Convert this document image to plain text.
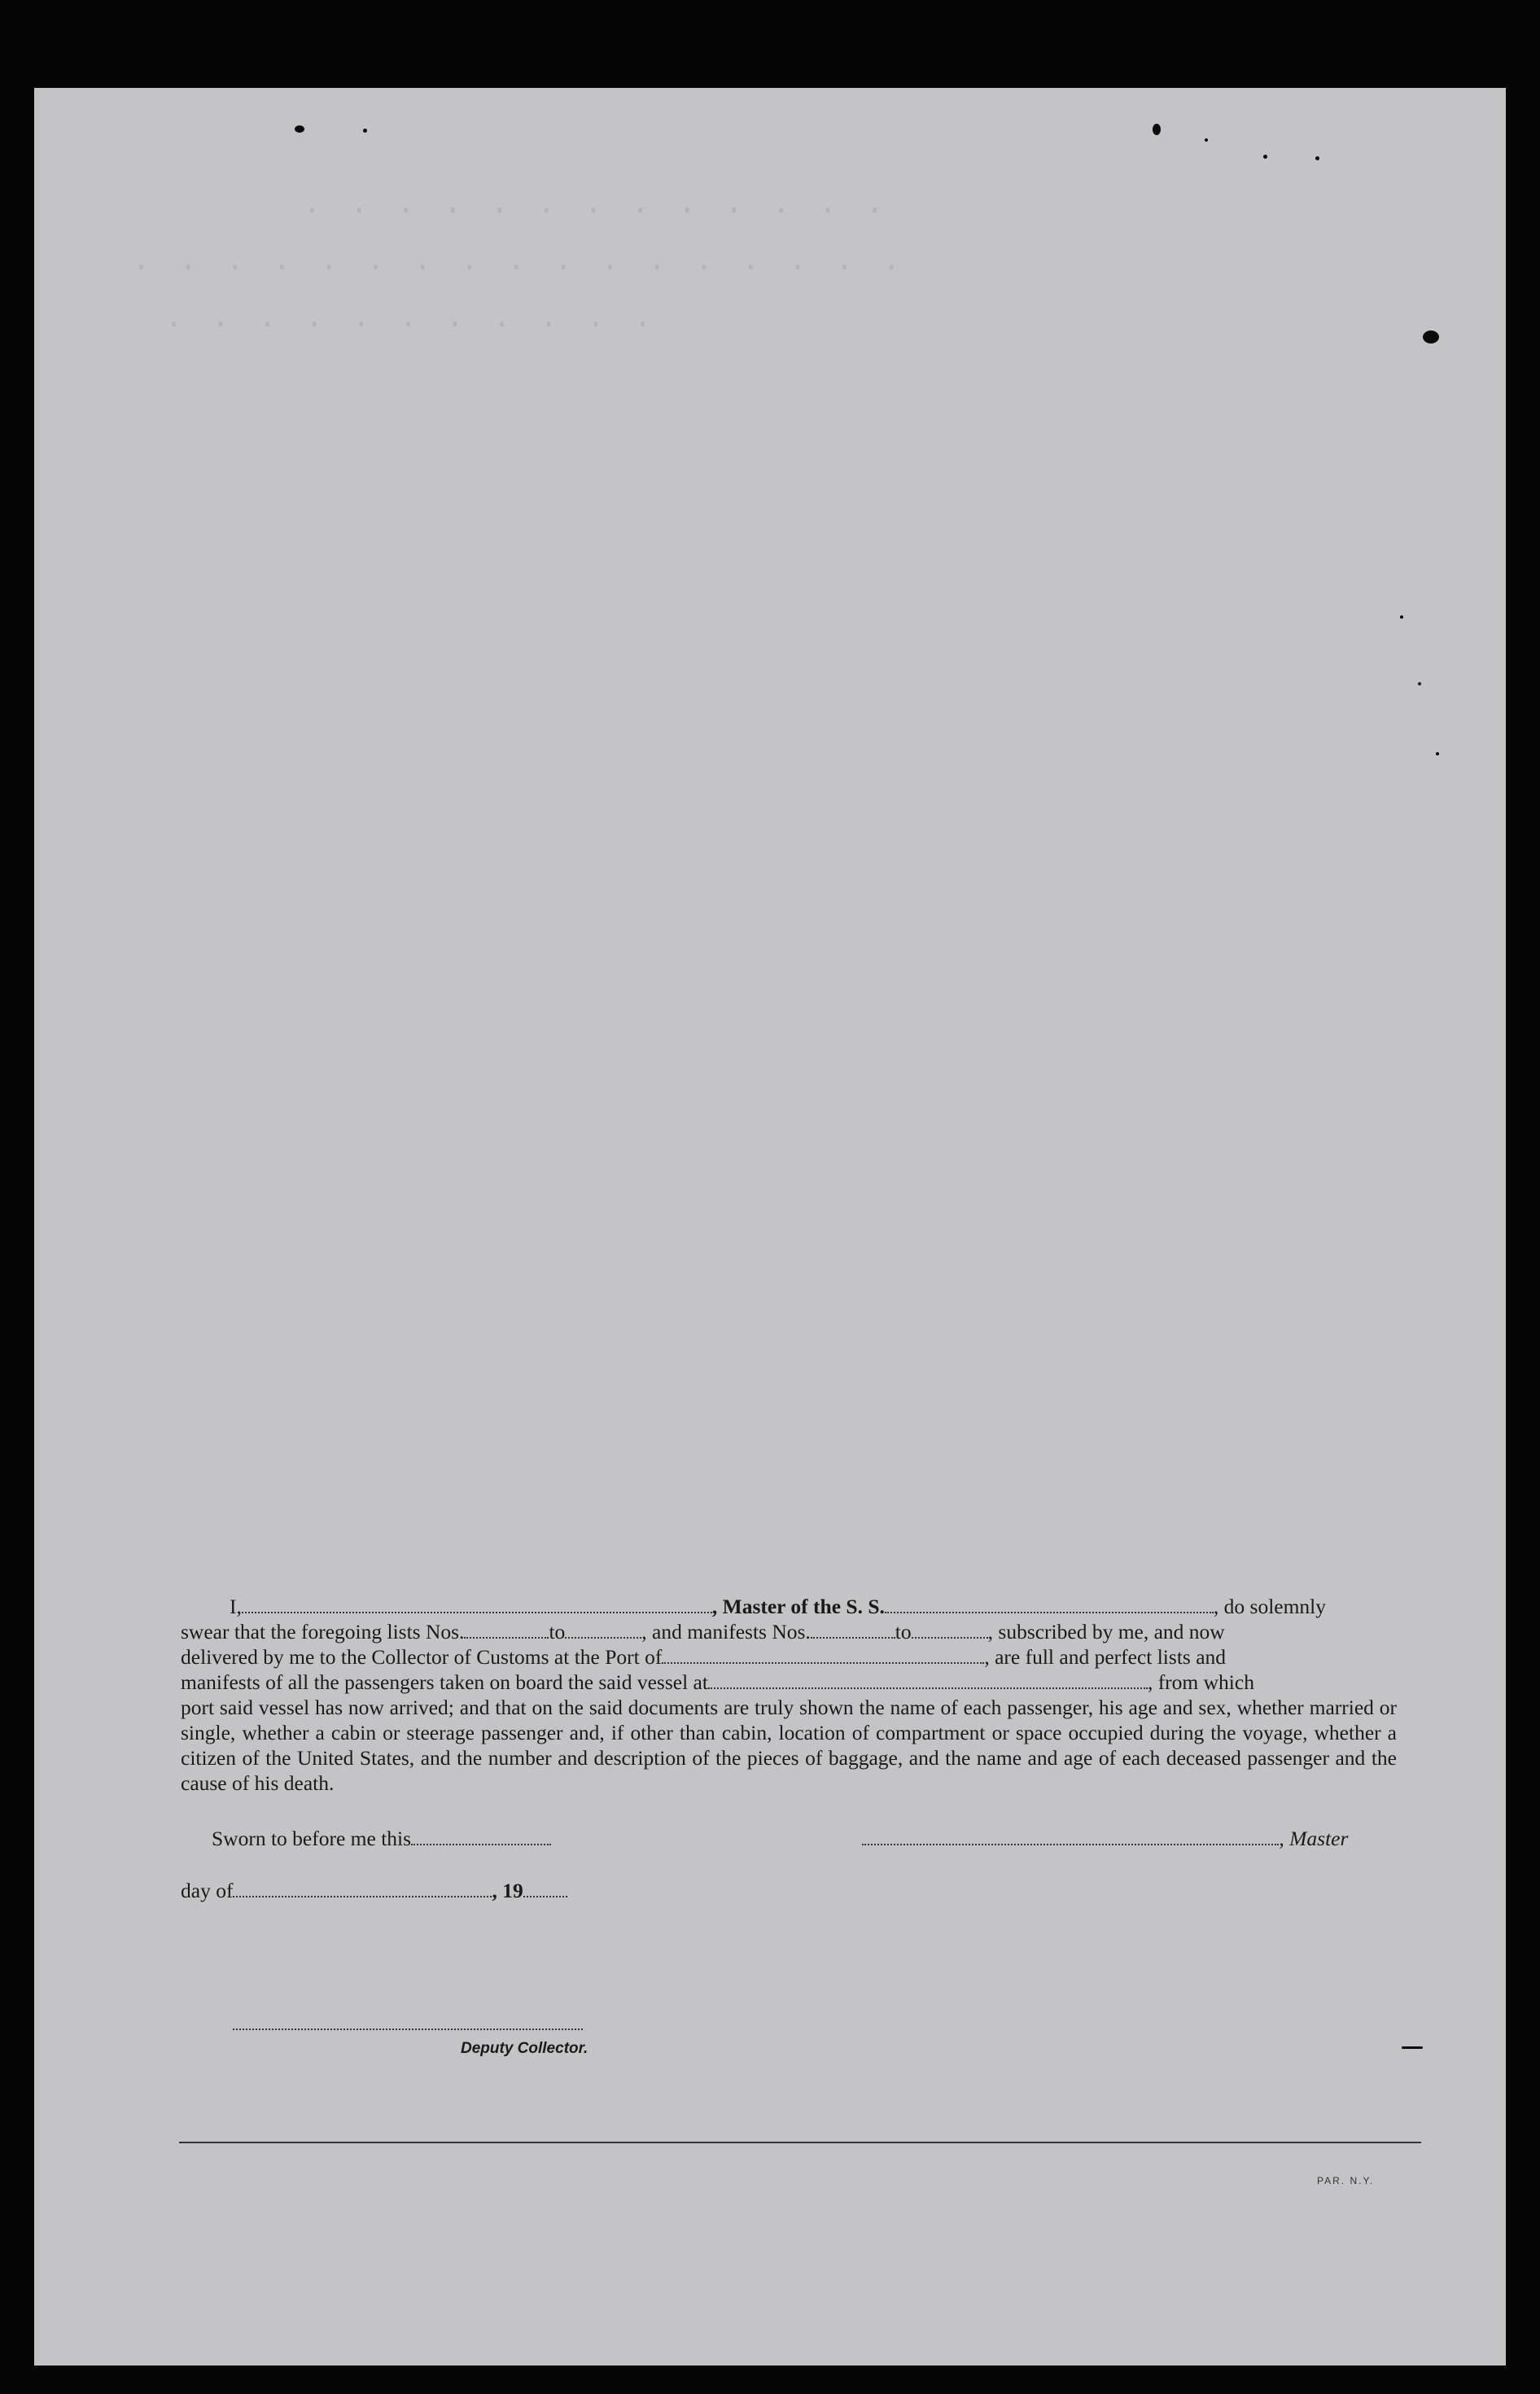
· · · · · · · · · · · · ·
· · · · · · · · · · · · · · · · ·
· · · · · · · · · · ·

I,	, Master of the S. S.	, do solemnly

swear that the foregoing lists Nos.	to	, and manifests Nos.	to	, subscribed by me, and now

delivered by me to the Collector of Customs at the Port of	, are full and perfect lists and

manifests of all the passengers taken on board the said vessel at	, from which

port said vessel has now arrived; and that on the said documents are truly shown the name of each passenger, his age and sex, whether married or single, whether a cabin or steerage passenger and, if other than cabin, location of compartment or space occupied during the voyage, whether a citizen of the United States, and the number and description of the pieces of baggage, and the name and age of each deceased passenger and the cause of his death.

Sworn to before me this	, Master
day of	, 19
Deputy Collector.
PAR. N.Y.
